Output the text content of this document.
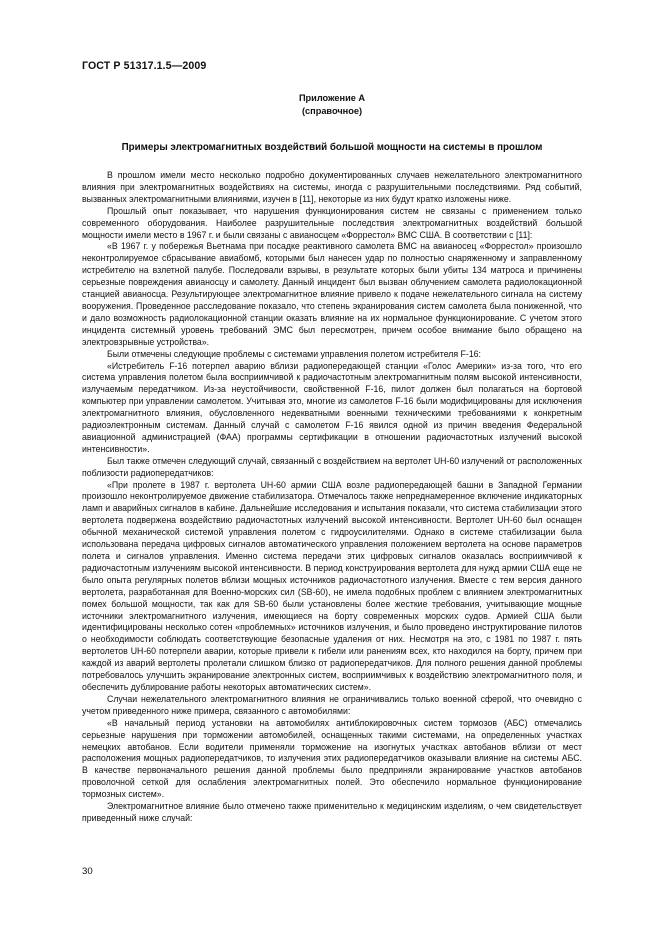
ГОСТ Р 51317.1.5—2009
Приложение А
(справочное)
Примеры электромагнитных воздействий большой мощности на системы в прошлом

В прошлом имели место несколько подробно документированных случаев нежелательного электромагнитного влияния при электромагнитных воздействиях на системы, иногда с разрушительными последствиями. Ряд событий, вызванных электромагнитными влияниями, изучен в [11], некоторые из них будут кратко изложены ниже.

Прошлый опыт показывает, что нарушения функционирования систем не связаны с применением только современного оборудования. Наиболее разрушительные последствия электромагнитных воздействий большой мощности имели место в 1967 г. и были связаны с авианосцем «Форрестол» ВМС США. В соответствии с [11]:

«В 1967 г. у побережья Вьетнама при посадке реактивного самолета ВМС на авианосец «Форрестол» произошло неконтролируемое сбрасывание авиабомб, которыми был нанесен удар по полностью снаряженному и заправленному истребителю на взлетной палубе. Последовали взрывы, в результате которых были убиты 134 матроса и причинены серьезные повреждения авианосцу и самолету. Данный инцидент был вызван облучением самолета радиолокационной станцией авианосца. Результирующее электромагнитное влияние привело к подаче нежелательного сигнала на систему вооружения. Проведенное расследование показало, что степень экранирования систем самолета была пониженной, что и дало возможность радиолокационной станции оказать влияние на их нормальное функционирование. С учетом этого инцидента системный уровень требований ЭМС был пересмотрен, причем особое внимание было обращено на электровзрывные устройства».

Были отмечены следующие проблемы с системами управления полетом истребителя F-16:

«Истребитель F-16 потерпел аварию вблизи радиопередающей станции «Голос Америки» из-за того, что его система управления полетом была восприимчивой к радиочастотным электромагнитным полям высокой интенсивности, излучаемым передатчиком. Из-за неустойчивости, свойственной F-16, пилот должен был полагаться на бортовой компьютер при управлении самолетом. Учитывая это, многие из самолетов F-16 были модифицированы для исключения электромагнитного влияния, обусловленного недекватными военными техническими требованиями к конкретным радиоэлектронным системам. Данный случай с самолетом F-16 явился одной из причин введения Федеральной авиационной администрацией (ФАА) программы сертификации в отношении радиочастотных излучений высокой интенсивности».

Был также отмечен следующий случай, связанный с воздействием на вертолет UH-60 излучений от расположенных поблизости радиопередатчиков:

«При пролете в 1987 г. вертолета UH-60 армии США возле радиопередающей башни в Западной Германии произошло неконтролируемое движение стабилизатора. Отмечалось также непреднамеренное включение индикаторных ламп и аварийных сигналов в кабине. Дальнейшие исследования и испытания показали, что система стабилизации этого вертолета подвержена воздействию радиочастотных излучений высокой интенсивности. Вертолет UH-60 был оснащен обычной механической системой управления полетом с гидроусилителями. Однако в системе стабилизации была использована передача цифровых сигналов автоматического управления положением вертолета на основе параметров полета и сигналов управления. Именно система передачи этих цифровых сигналов оказалась восприимчивой к радиочастотным излучениям высокой интенсивности. В период конструирования вертолета для нужд армии США еще не было опыта регулярных полетов вблизи мощных источников радиочастотного излучения. Вместе с тем версия данного вертолета, разработанная для Военно-морских сил (SB-60), не имела подобных проблем с влиянием электромагнитных помех большой мощности, так как для SB-60 были установлены более жесткие требования, учитывающие мощные источники электромагнитного излучения, имеющиеся на борту современных морских судов. Армией США были идентифицированы несколько сотен «проблемных» источников излучения, и было проведено инструктирование пилотов о необходимости соблюдать соответствующие безопасные удаления от них. Несмотря на это, с 1981 по 1987 г. пять вертолетов UH-60 потерпели аварии, которые привели к гибели или ранениям всех, кто находился на борту, причем при каждой из аварий вертолеты пролетали слишком близко от радиопередатчиков. Для полного решения данной проблемы потребовалось улучшить экранирование электронных систем, восприимчивых к воздействию электромагнитного поля, и обеспечить дублирование работы некоторых автоматических систем».

Случаи нежелательного электромагнитного влияния не ограничивались только военной сферой, что очевидно с учетом приведенного ниже примера, связанного с автомобилями:

«В начальный период установки на автомобилях антиблокировочных систем тормозов (АБС) отмечались серьезные нарушения при торможении автомобилей, оснащенных такими системами, на определенных участках немецких автобанов. Если водители применяли торможение на изогнутых участках автобанов вблизи от мест расположения мощных радиопередатчиков, то излучения этих радиопередатчиков оказывали влияние на системы АБС. В качестве первоначального решения данной проблемы было предприняли экранирование участков автобанов проволочной сеткой для ослабления электромагнитных полей. Это обеспечило нормальное функционирование тормозных систем».

Электромагнитное влияние было отмечено также применительно к медицинским изделиям, о чем свидетельствует приведенный ниже случай:

30
